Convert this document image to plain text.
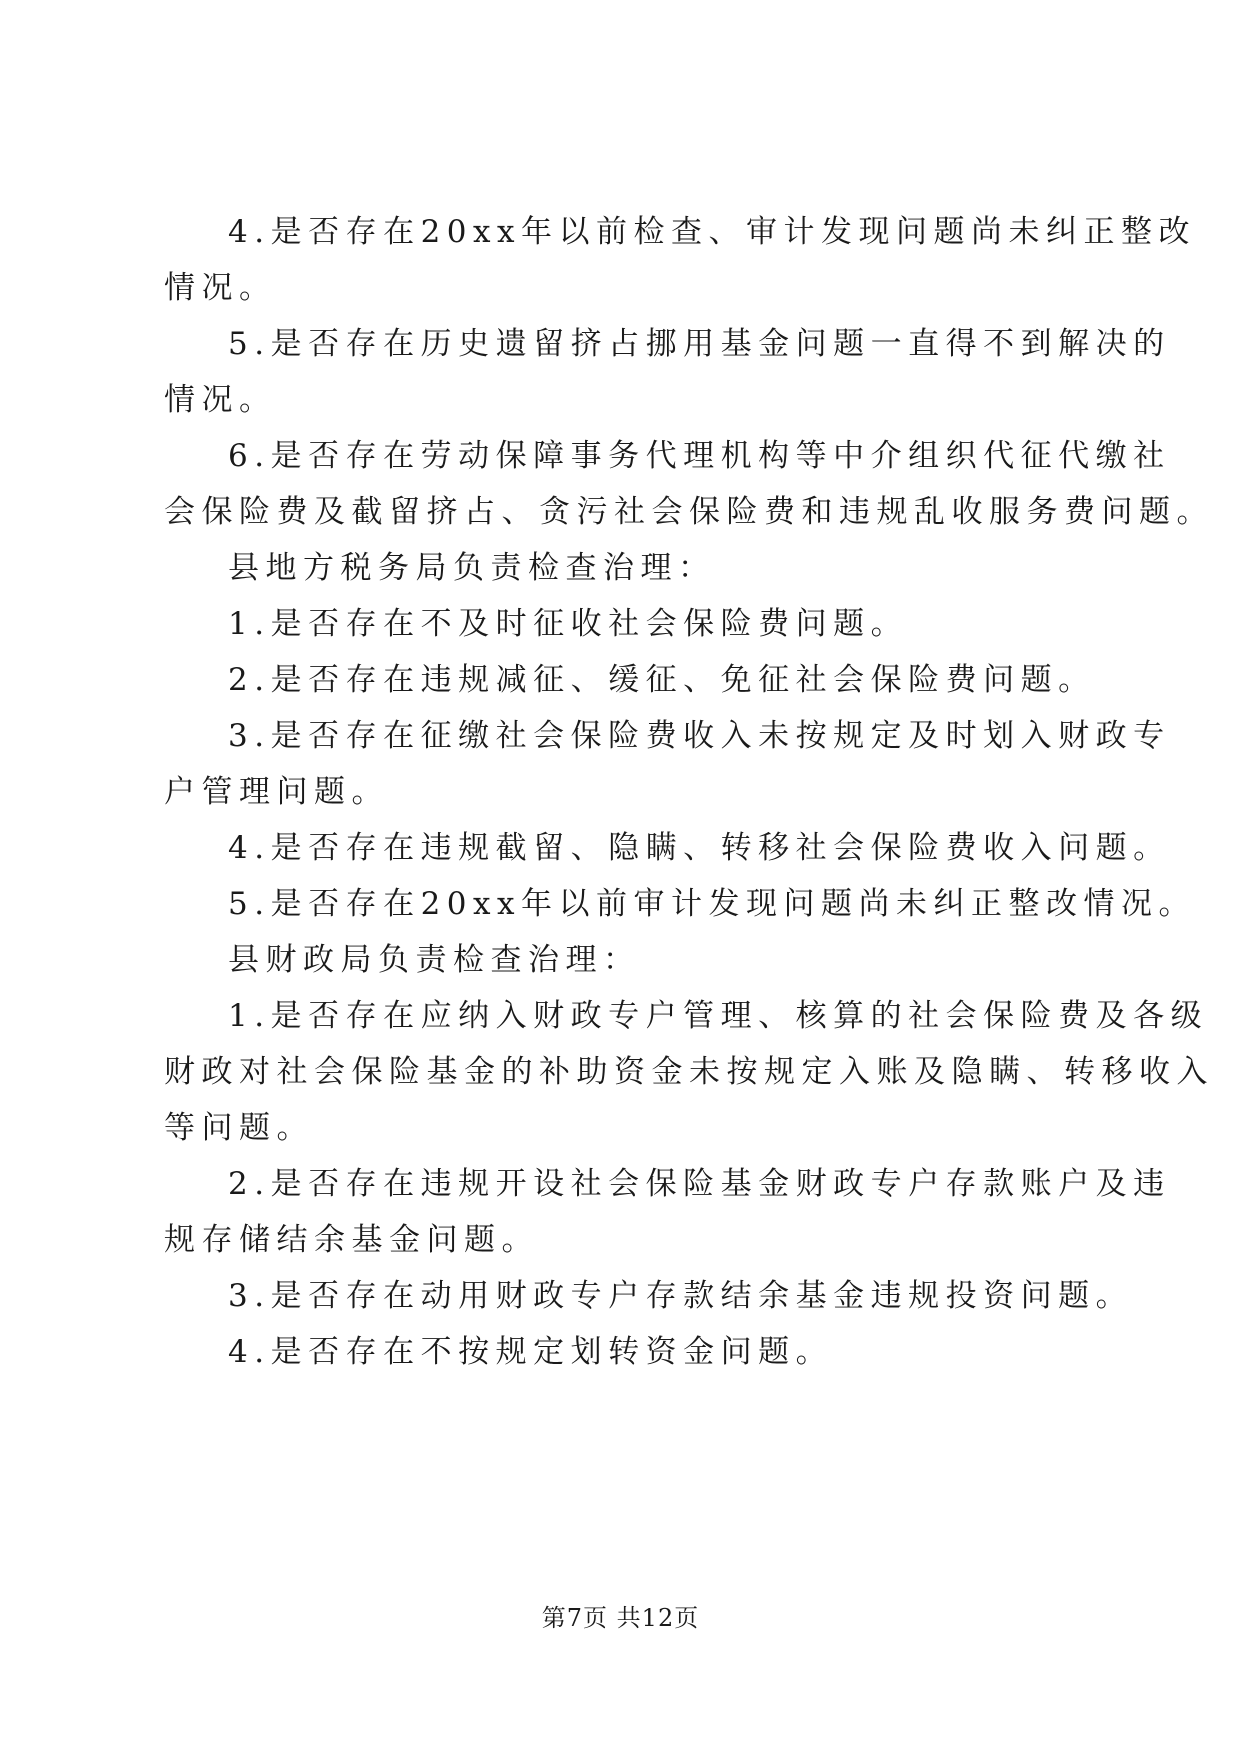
4.是否存在20xx年以前检查、审计发现问题尚未纠正整改
情况。
5.是否存在历史遗留挤占挪用基金问题一直得不到解决的
情况。
6.是否存在劳动保障事务代理机构等中介组织代征代缴社
会保险费及截留挤占、贪污社会保险费和违规乱收服务费问题。
县地方税务局负责检查治理：
1.是否存在不及时征收社会保险费问题。
2.是否存在违规减征、缓征、免征社会保险费问题。
3.是否存在征缴社会保险费收入未按规定及时划入财政专
户管理问题。
4.是否存在违规截留、隐瞒、转移社会保险费收入问题。
5.是否存在20xx年以前审计发现问题尚未纠正整改情况。
县财政局负责检查治理：
1.是否存在应纳入财政专户管理、核算的社会保险费及各级
财政对社会保险基金的补助资金未按规定入账及隐瞒、转移收入
等问题。
2.是否存在违规开设社会保险基金财政专户存款账户及违
规存储结余基金问题。
3.是否存在动用财政专户存款结余基金违规投资问题。
4.是否存在不按规定划转资金问题。
第7页 共12页
